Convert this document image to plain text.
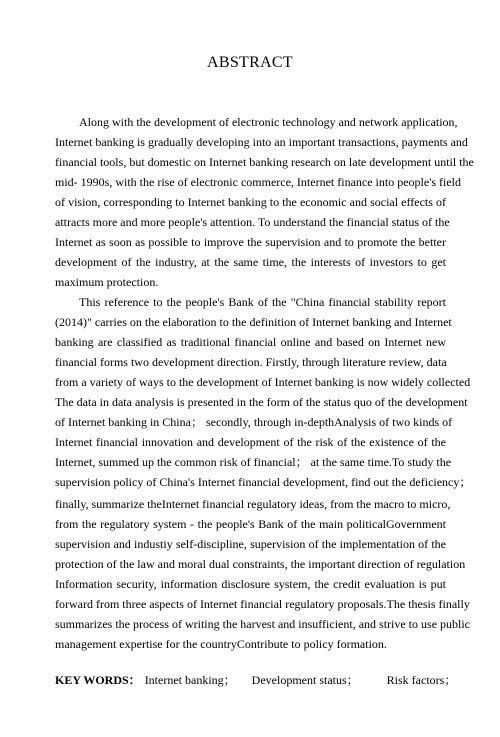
ABSTRACT
Along with the development of electronic technology and network application,
Internet banking is gradually developing into an important transactions, payments and
financial tools, but domestic on Internet banking research on late development until the
mid- 1990s, with the rise of electronic commerce, Internet finance into people's field
of vision, corresponding to Internet banking to the economic and social effects of
attracts more and more people's attention. To understand the financial status of the
Internet as soon as possible to improve the supervision and to promote the better
development of the industry, at the same time, the interests of investors to get
maximum protection.
This reference to the people's Bank of the "China financial stability report
(2014)" carries on the elaboration to the definition of Internet banking and Internet
banking are classified as traditional financial online and based on Internet new
financial forms two development direction. Firstly, through literature review, data
from a variety of ways to the development of Internet banking is now widely collected
The data in data analysis is presented in the form of the status quo of the development
of Internet banking in China； secondly, through in-depthAnalysis of two kinds of
Internet financial innovation and development of the risk of the existence of the
Internet, summed up the common risk of financial； at the same time.To study the
supervision policy of China's Internet financial development, find out the deficiency；
finally, summarize theInternet financial regulatory ideas, from the macro to micro,
from the regulatory system - the people's Bank of the main politicalGovernment
supervision and industiy self-discipline, supervision of the implementation of the
protection of the law and moral dual constraints, the important direction of regulation
Information security, information disclosure system, the credit evaluation is put
forward from three aspects of Internet financial regulatory proposals.The thesis finally
summarizes the process of writing the harvest and insufficient, and strive to use public
management expertise for the countryContribute to policy formation.
KEY WORDS： Internet banking； Development status； Risk factors；
